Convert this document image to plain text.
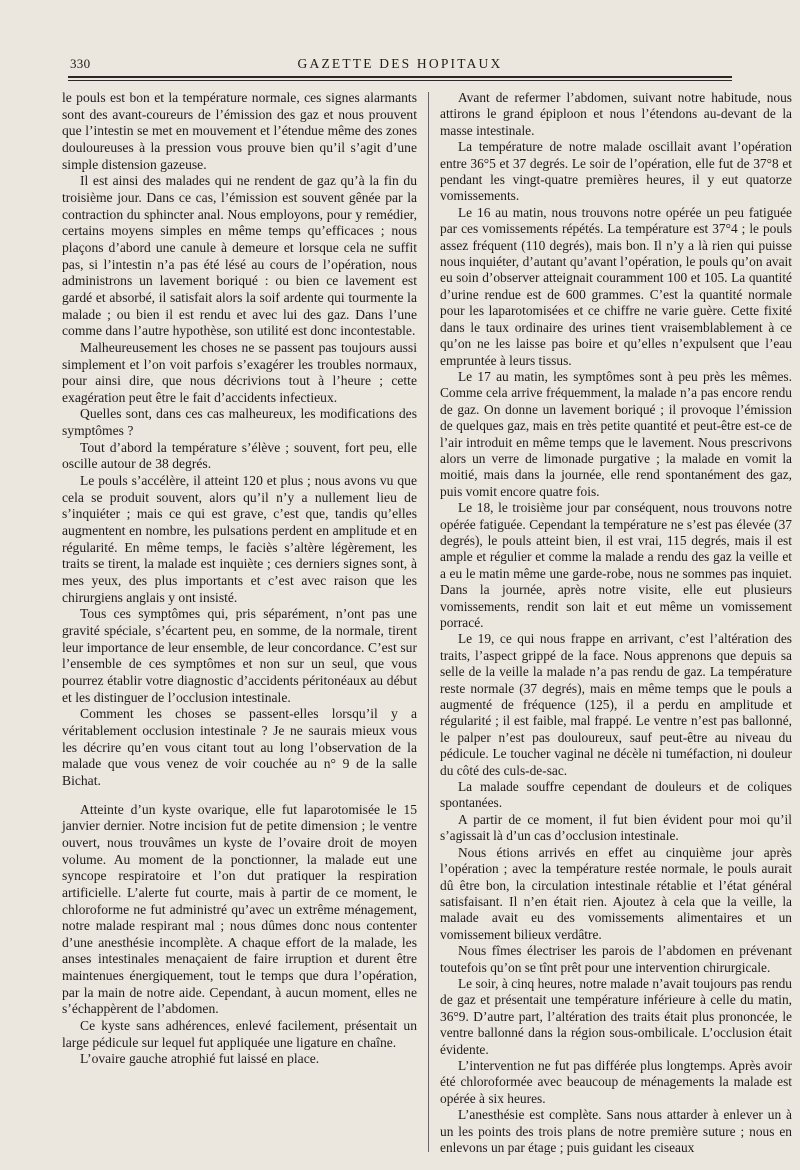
330	GAZETTE DES HOPITAUX

le pouls est bon et la température normale, ces signes alarmants sont des avant-coureurs de l’émission des gaz et nous prouvent que l’intestin se met en mouvement et l’étendue même des zones douloureuses à la pression vous prouve bien qu’il s’agit d’une simple distension gazeuse.

Il est ainsi des malades qui ne rendent de gaz qu’à la fin du troisième jour. Dans ce cas, l’émission est souvent gênée par la contraction du sphincter anal. Nous employons, pour y remédier, certains moyens simples en même temps qu’efficaces ; nous plaçons d’abord une canule à demeure et lorsque cela ne suffit pas, si l’intestin n’a pas été lésé au cours de l’opération, nous administrons un lavement boriqué : ou bien ce lavement est gardé et absorbé, il satisfait alors la soif ardente qui tourmente la malade ; ou bien il est rendu et avec lui des gaz. Dans l’une comme dans l’autre hypothèse, son utilité est donc incontestable.

Malheureusement les choses ne se passent pas toujours aussi simplement et l’on voit parfois s’exagérer les troubles normaux, pour ainsi dire, que nous décrivions tout à l’heure ; cette exagération peut être le fait d’accidents infectieux.

Quelles sont, dans ces cas malheureux, les modifications des symptômes ?

Tout d’abord la température s’élève ; souvent, fort peu, elle oscille autour de 38 degrés.

Le pouls s’accélère, il atteint 120 et plus ; nous avons vu que cela se produit souvent, alors qu’il n’y a nullement lieu de s’inquiéter ; mais ce qui est grave, c’est que, tandis qu’elles augmentent en nombre, les pulsations perdent en amplitude et en régularité. En même temps, le faciès s’altère légèrement, les traits se tirent, la malade est inquiète ; ces derniers signes sont, à mes yeux, des plus importants et c’est avec raison que les chirurgiens anglais y ont insisté.

Tous ces symptômes qui, pris séparément, n’ont pas une gravité spéciale, s’écartent peu, en somme, de la normale, tirent leur importance de leur ensemble, de leur concordance. C’est sur l’ensemble de ces symptômes et non sur un seul, que vous pourrez établir votre diagnostic d’accidents péritonéaux au début et les distinguer de l’occlusion intestinale.

Comment les choses se passent-elles lorsqu’il y a véritablement occlusion intestinale ? Je ne saurais mieux vous les décrire qu’en vous citant tout au long l’observation de la malade que vous venez de voir couchée au n° 9 de la salle Bichat.

Atteinte d’un kyste ovarique, elle fut laparotomisée le 15 janvier dernier. Notre incision fut de petite dimension ; le ventre ouvert, nous trouvâmes un kyste de l’ovaire droit de moyen volume. Au moment de la ponctionner, la malade eut une syncope respiratoire et l’on dut pratiquer la respiration artificielle. L’alerte fut courte, mais à partir de ce moment, le chloroforme ne fut administré qu’avec un extrême ménagement, notre malade respirant mal ; nous dûmes donc nous contenter d’une anesthésie incomplète. A chaque effort de la malade, les anses intestinales menaçaient de faire irruption et durent être maintenues énergiquement, tout le temps que dura l’opération, par la main de notre aide. Cependant, à aucun moment, elles ne s’échappèrent de l’abdomen.

Ce kyste sans adhérences, enlevé facilement, présentait un large pédicule sur lequel fut appliquée une ligature en chaîne.

L’ovaire gauche atrophié fut laissé en place.

Avant de refermer l’abdomen, suivant notre habitude, nous attirons le grand épiploon et nous l’étendons au-devant de la masse intestinale.

La température de notre malade oscillait avant l’opération entre 36°5 et 37 degrés. Le soir de l’opération, elle fut de 37°8 et pendant les vingt-quatre premières heures, il y eut quatorze vomissements.

Le 16 au matin, nous trouvons notre opérée un peu fatiguée par ces vomissements répétés. La température est 37°4 ; le pouls assez fréquent (110 degrés), mais bon. Il n’y a là rien qui puisse nous inquiéter, d’autant qu’avant l’opération, le pouls qu’on avait eu soin d’observer atteignait couramment 100 et 105. La quantité d’urine rendue est de 600 grammes. C’est la quantité normale pour les laparotomisées et ce chiffre ne varie guère. Cette fixité dans le taux ordinaire des urines tient vraisemblablement à ce qu’on ne les laisse pas boire et qu’elles n’expulsent que l’eau empruntée à leurs tissus.

Le 17 au matin, les symptômes sont à peu près les mêmes. Comme cela arrive fréquemment, la malade n’a pas encore rendu de gaz. On donne un lavement boriqué ; il provoque l’émission de quelques gaz, mais en très petite quantité et peut-être est-ce de l’air introduit en même temps que le lavement. Nous prescrivons alors un verre de limonade purgative ; la malade en vomit la moitié, mais dans la journée, elle rend spontanément des gaz, puis vomit encore quatre fois.

Le 18, le troisième jour par conséquent, nous trouvons notre opérée fatiguée. Cependant la température ne s’est pas élevée (37 degrés), le pouls atteint bien, il est vrai, 115 degrés, mais il est ample et régulier et comme la malade a rendu des gaz la veille et a eu le matin même une garde-robe, nous ne sommes pas inquiet. Dans la journée, après notre visite, elle eut plusieurs vomissements, rendit son lait et eut même un vomissement porracé.

Le 19, ce qui nous frappe en arrivant, c’est l’altération des traits, l’aspect grippé de la face. Nous apprenons que depuis sa selle de la veille la malade n’a pas rendu de gaz. La température reste normale (37 degrés), mais en même temps que le pouls a augmenté de fréquence (125), il a perdu en amplitude et régularité ; il est faible, mal frappé. Le ventre n’est pas ballonné, le palper n’est pas douloureux, sauf peut-être au niveau du pédicule. Le toucher vaginal ne décèle ni tuméfaction, ni douleur du côté des culs-de-sac.

La malade souffre cependant de douleurs et de coliques spontanées.

A partir de ce moment, il fut bien évident pour moi qu’il s’agissait là d’un cas d’occlusion intestinale.

Nous étions arrivés en effet au cinquième jour après l’opération ; avec la température restée normale, le pouls aurait dû être bon, la circulation intestinale rétablie et l’état général satisfaisant. Il n’en était rien. Ajoutez à cela que la veille, la malade avait eu des vomissements alimentaires et un vomissement bilieux verdâtre.

Nous fîmes électriser les parois de l’abdomen en prévenant toutefois qu’on se tînt prêt pour une intervention chirurgicale.

Le soir, à cinq heures, notre malade n’avait toujours pas rendu de gaz et présentait une température inférieure à celle du matin, 36°9. D’autre part, l’altération des traits était plus prononcée, le ventre ballonné dans la région sous-ombilicale. L’occlusion était évidente.

L’intervention ne fut pas différée plus longtemps. Après avoir été chloroformée avec beaucoup de ménagements la malade est opérée à six heures.

L’anesthésie est complète. Sans nous attarder à enlever un à un les points des trois plans de notre première suture ; nous en enlevons un par étage ; puis guidant les ciseaux
